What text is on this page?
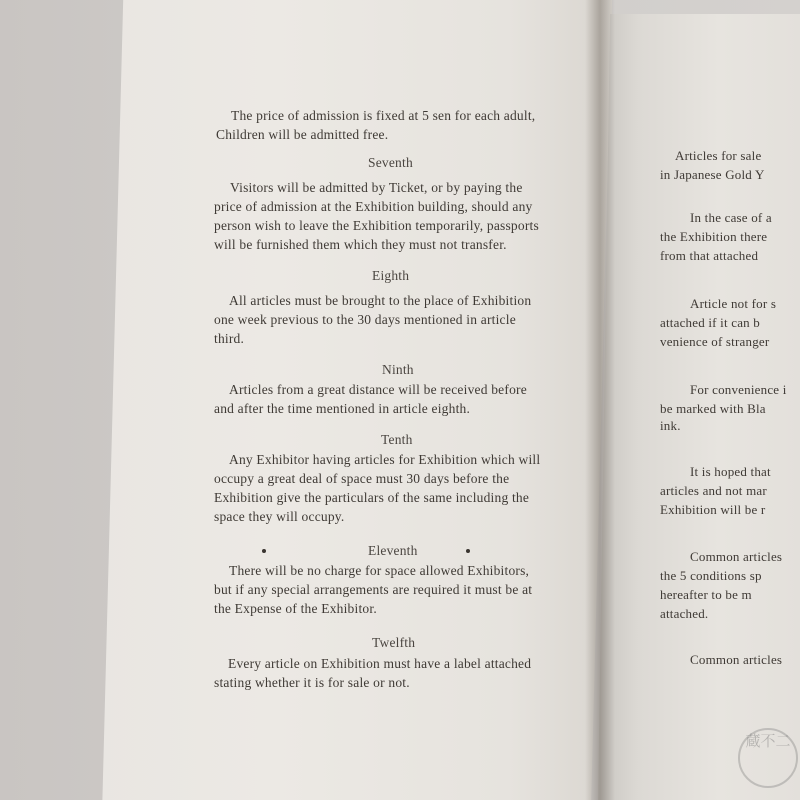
The price of admission is fixed at 5 sen for each adult,
Children will be admitted free.
Seventh
Visitors will be admitted by Ticket, or by paying the
price of admission at the Exhibition building, should any
person wish to leave the Exhibition temporarily, passports
will be furnished them which they must not transfer.
Eighth
All articles must be brought to the place of Exhibition
one week previous to the 30 days mentioned in article
third.
Ninth
Articles from a great distance will be received before
and after the time mentioned in article eighth.
Tenth
Any Exhibitor having articles for Exhibition which will
occupy a great deal of space must 30 days before the
Exhibition give the particulars of the same including the
space they will occupy.
Eleventh
There will be no charge for space allowed Exhibitors,
but if any special arrangements are required it must be at
the Expense of the Exhibitor.
Twelfth
Every article on Exhibition must have a label attached
stating whether it is for sale or not.
Articles for sale
in Japanese Gold Y
In the case of a
the Exhibition there
from that attached
Article not for s
attached if it can b
venience of stranger
For convenience i
be marked with Bla
ink.
It is hoped that
articles and not mar
Exhibition will be r
Common articles
the 5 conditions sp
hereafter to be m
attached.
Common articles
蔵不二
